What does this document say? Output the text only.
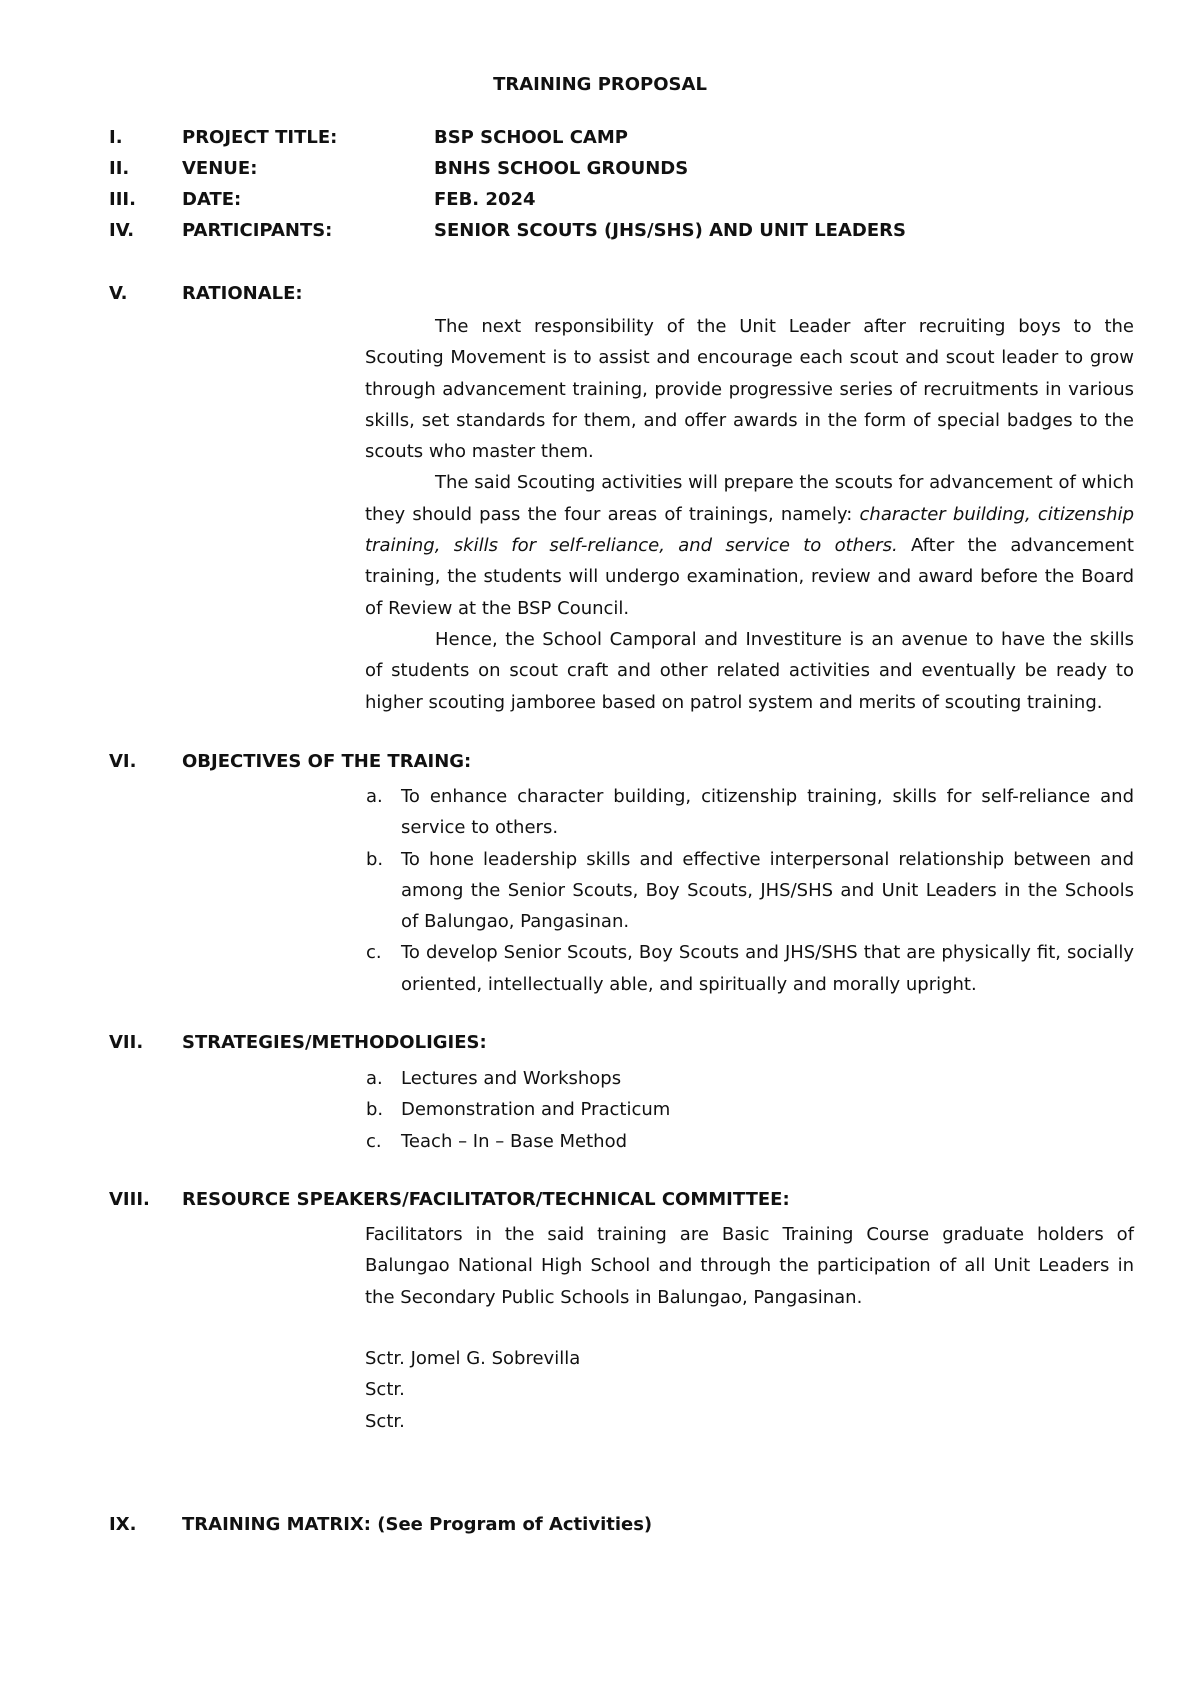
TRAINING PROPOSAL
I.	PROJECT TITLE:	BSP SCHOOL CAMP
II.	VENUE:	BNHS SCHOOL GROUNDS
III.	DATE:	FEB. 2024
IV.	PARTICIPANTS:	SENIOR SCOUTS (JHS/SHS) AND UNIT LEADERS
V.	RATIONALE:

The next responsibility of the Unit Leader after recruiting boys to the Scouting Movement is to assist and encourage each scout and scout leader to grow through advancement training, provide progressive series of recruitments in various skills, set standards for them, and offer awards in the form of special badges to the scouts who master them.

The said Scouting activities will prepare the scouts for advancement of which they should pass the four areas of trainings, namely: character building, citizenship training, skills for self-reliance, and service to others. After the advancement training, the students will undergo examination, review and award before the Board of Review at the BSP Council.

Hence, the School Camporal and Investiture is an avenue to have the skills of students on scout craft and other related activities and eventually be ready to higher scouting jamboree based on patrol system and merits of scouting training.

VI.	OBJECTIVES OF THE TRAING:
a. To enhance character building, citizenship training, skills for self-reliance and service to others.
b. To hone leadership skills and effective interpersonal relationship between and among the Senior Scouts, Boy Scouts, JHS/SHS and Unit Leaders in the Schools of Balungao, Pangasinan.
c. To develop Senior Scouts, Boy Scouts and JHS/SHS that are physically fit, socially oriented, intellectually able, and spiritually and morally upright.
VII. STRATEGIES/METHODOLIGIES:
a. Lectures and Workshops
b. Demonstration and Practicum
c. Teach – In – Base Method
VIII. RESOURCE SPEAKERS/FACILITATOR/TECHNICAL COMMITTEE:
Facilitators in the said training are Basic Training Course graduate holders of Balungao National High School and through the participation of all Unit Leaders in the Secondary Public Schools in Balungao, Pangasinan.
Sctr. Jomel G. Sobrevilla
Sctr.
Sctr.
IX.	TRAINING MATRIX: (See Program of Activities)
